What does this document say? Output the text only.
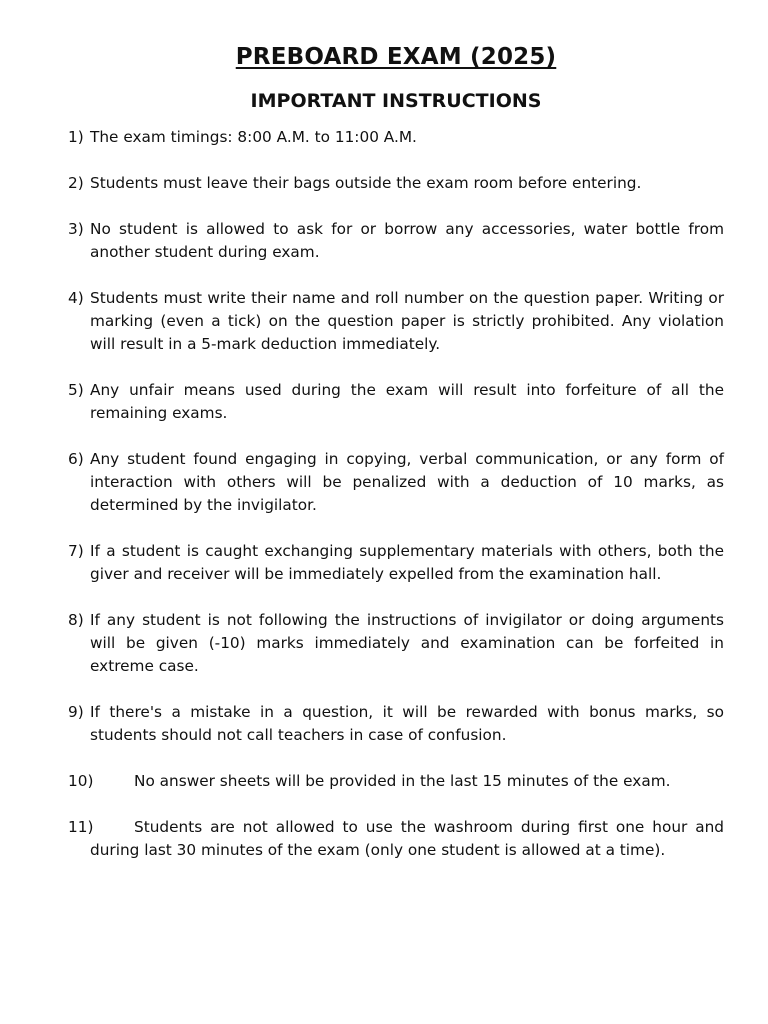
PREBOARD EXAM (2025)
IMPORTANT INSTRUCTIONS
1) The exam timings: 8:00 A.M. to 11:00 A.M.
2) Students must leave their bags outside the exam room before entering.
3) No student is allowed to ask for or borrow any accessories, water bottle from another student during exam.
4) Students must write their name and roll number on the question paper. Writing or marking (even a tick) on the question paper is strictly prohibited. Any violation will result in a 5-mark deduction immediately.
5) Any unfair means used during the exam will result into forfeiture of all the remaining exams.
6) Any student found engaging in copying, verbal communication, or any form of interaction with others will be penalized with a deduction of 10 marks, as determined by the invigilator.
7) If a student is caught exchanging supplementary materials with others, both the giver and receiver will be immediately expelled from the examination hall.
8) If any student is not following the instructions of invigilator or doing arguments will be given (-10) marks immediately and examination can be forfeited in extreme case.
9) If there's a mistake in a question, it will be rewarded with bonus marks, so students should not call teachers in case of confusion.
10)	No answer sheets will be provided in the last 15 minutes of the exam.
11)	Students are not allowed to use the washroom during first one hour and during last 30 minutes of the exam (only one student is allowed at a time).
